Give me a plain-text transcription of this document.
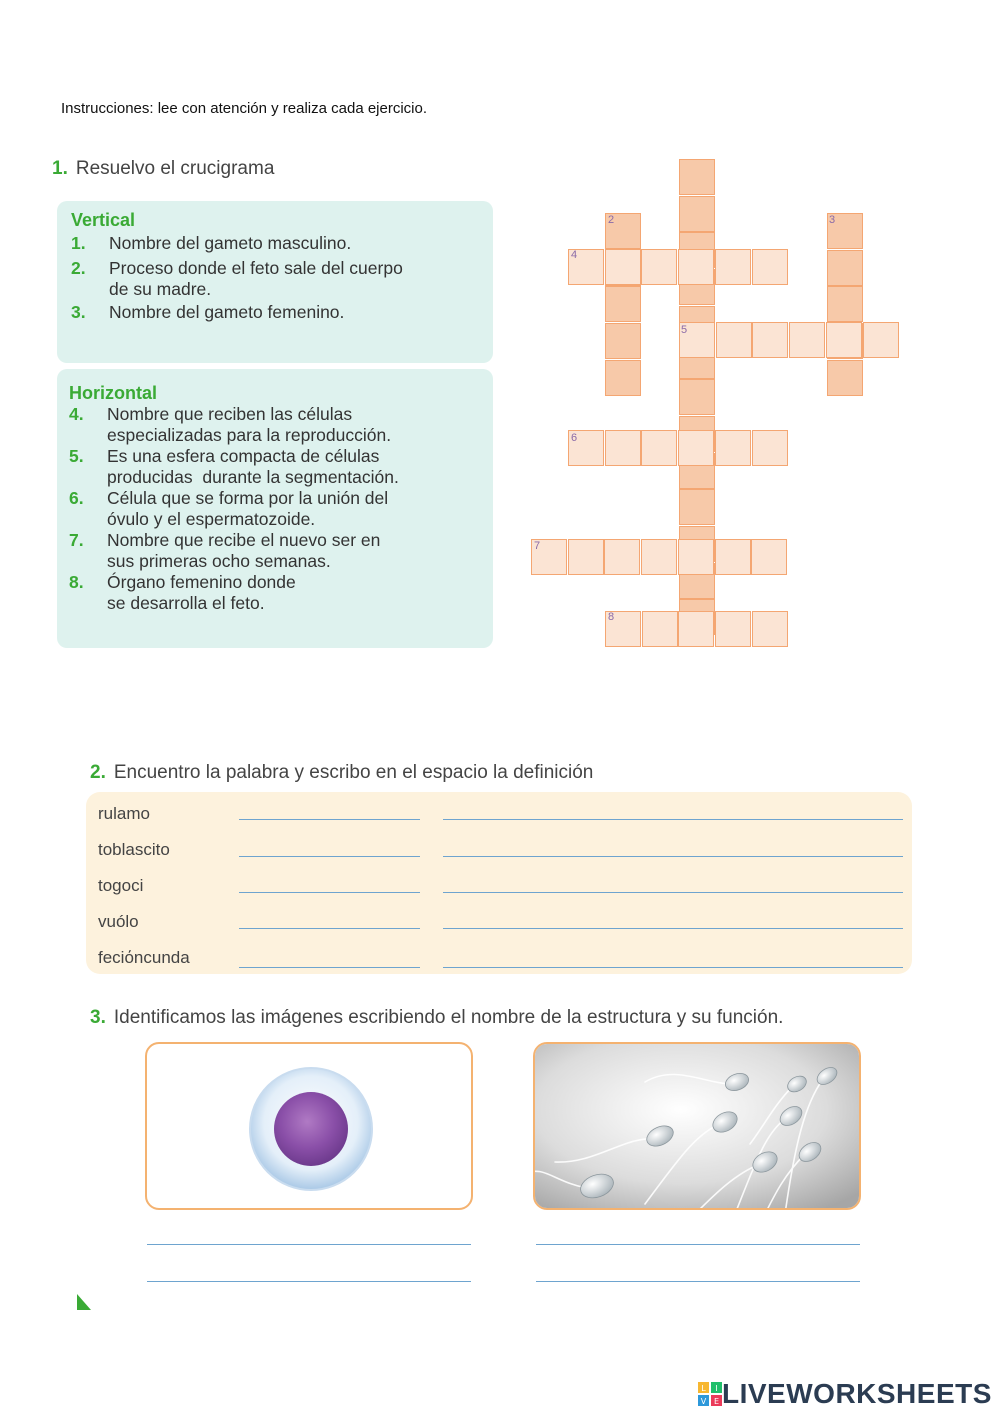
Instrucciones: lee con atención y realiza cada ejercicio.
1. Resuelvo el crucigrama
Vertical
1. Nombre del gameto masculino.
2. Proceso donde el feto sale del cuerpo
de su madre.
3. Nombre del gameto femenino.
Horizontal
4. Nombre que reciben las células
especializadas para la reproducción.
5. Es una esfera compacta de células
producidas  durante la segmentación.
6. Célula que se forma por la unión del
óvulo y el espermatozoide.
7. Nombre que recibe el nuevo ser en
sus primeras ocho semanas.
8. Órgano femenino donde
se desarrolla el feto.
2	3
4
5
6
7
8
2. Encuentro la palabra y escribo en el espacio la definición
rulamo
toblascito
togoci
vuólo
feciόncunda
3. Identificamos las imágenes escribiendo el nombre de la estructura y su función.
L I
V E LIVEWORKSHEETS
